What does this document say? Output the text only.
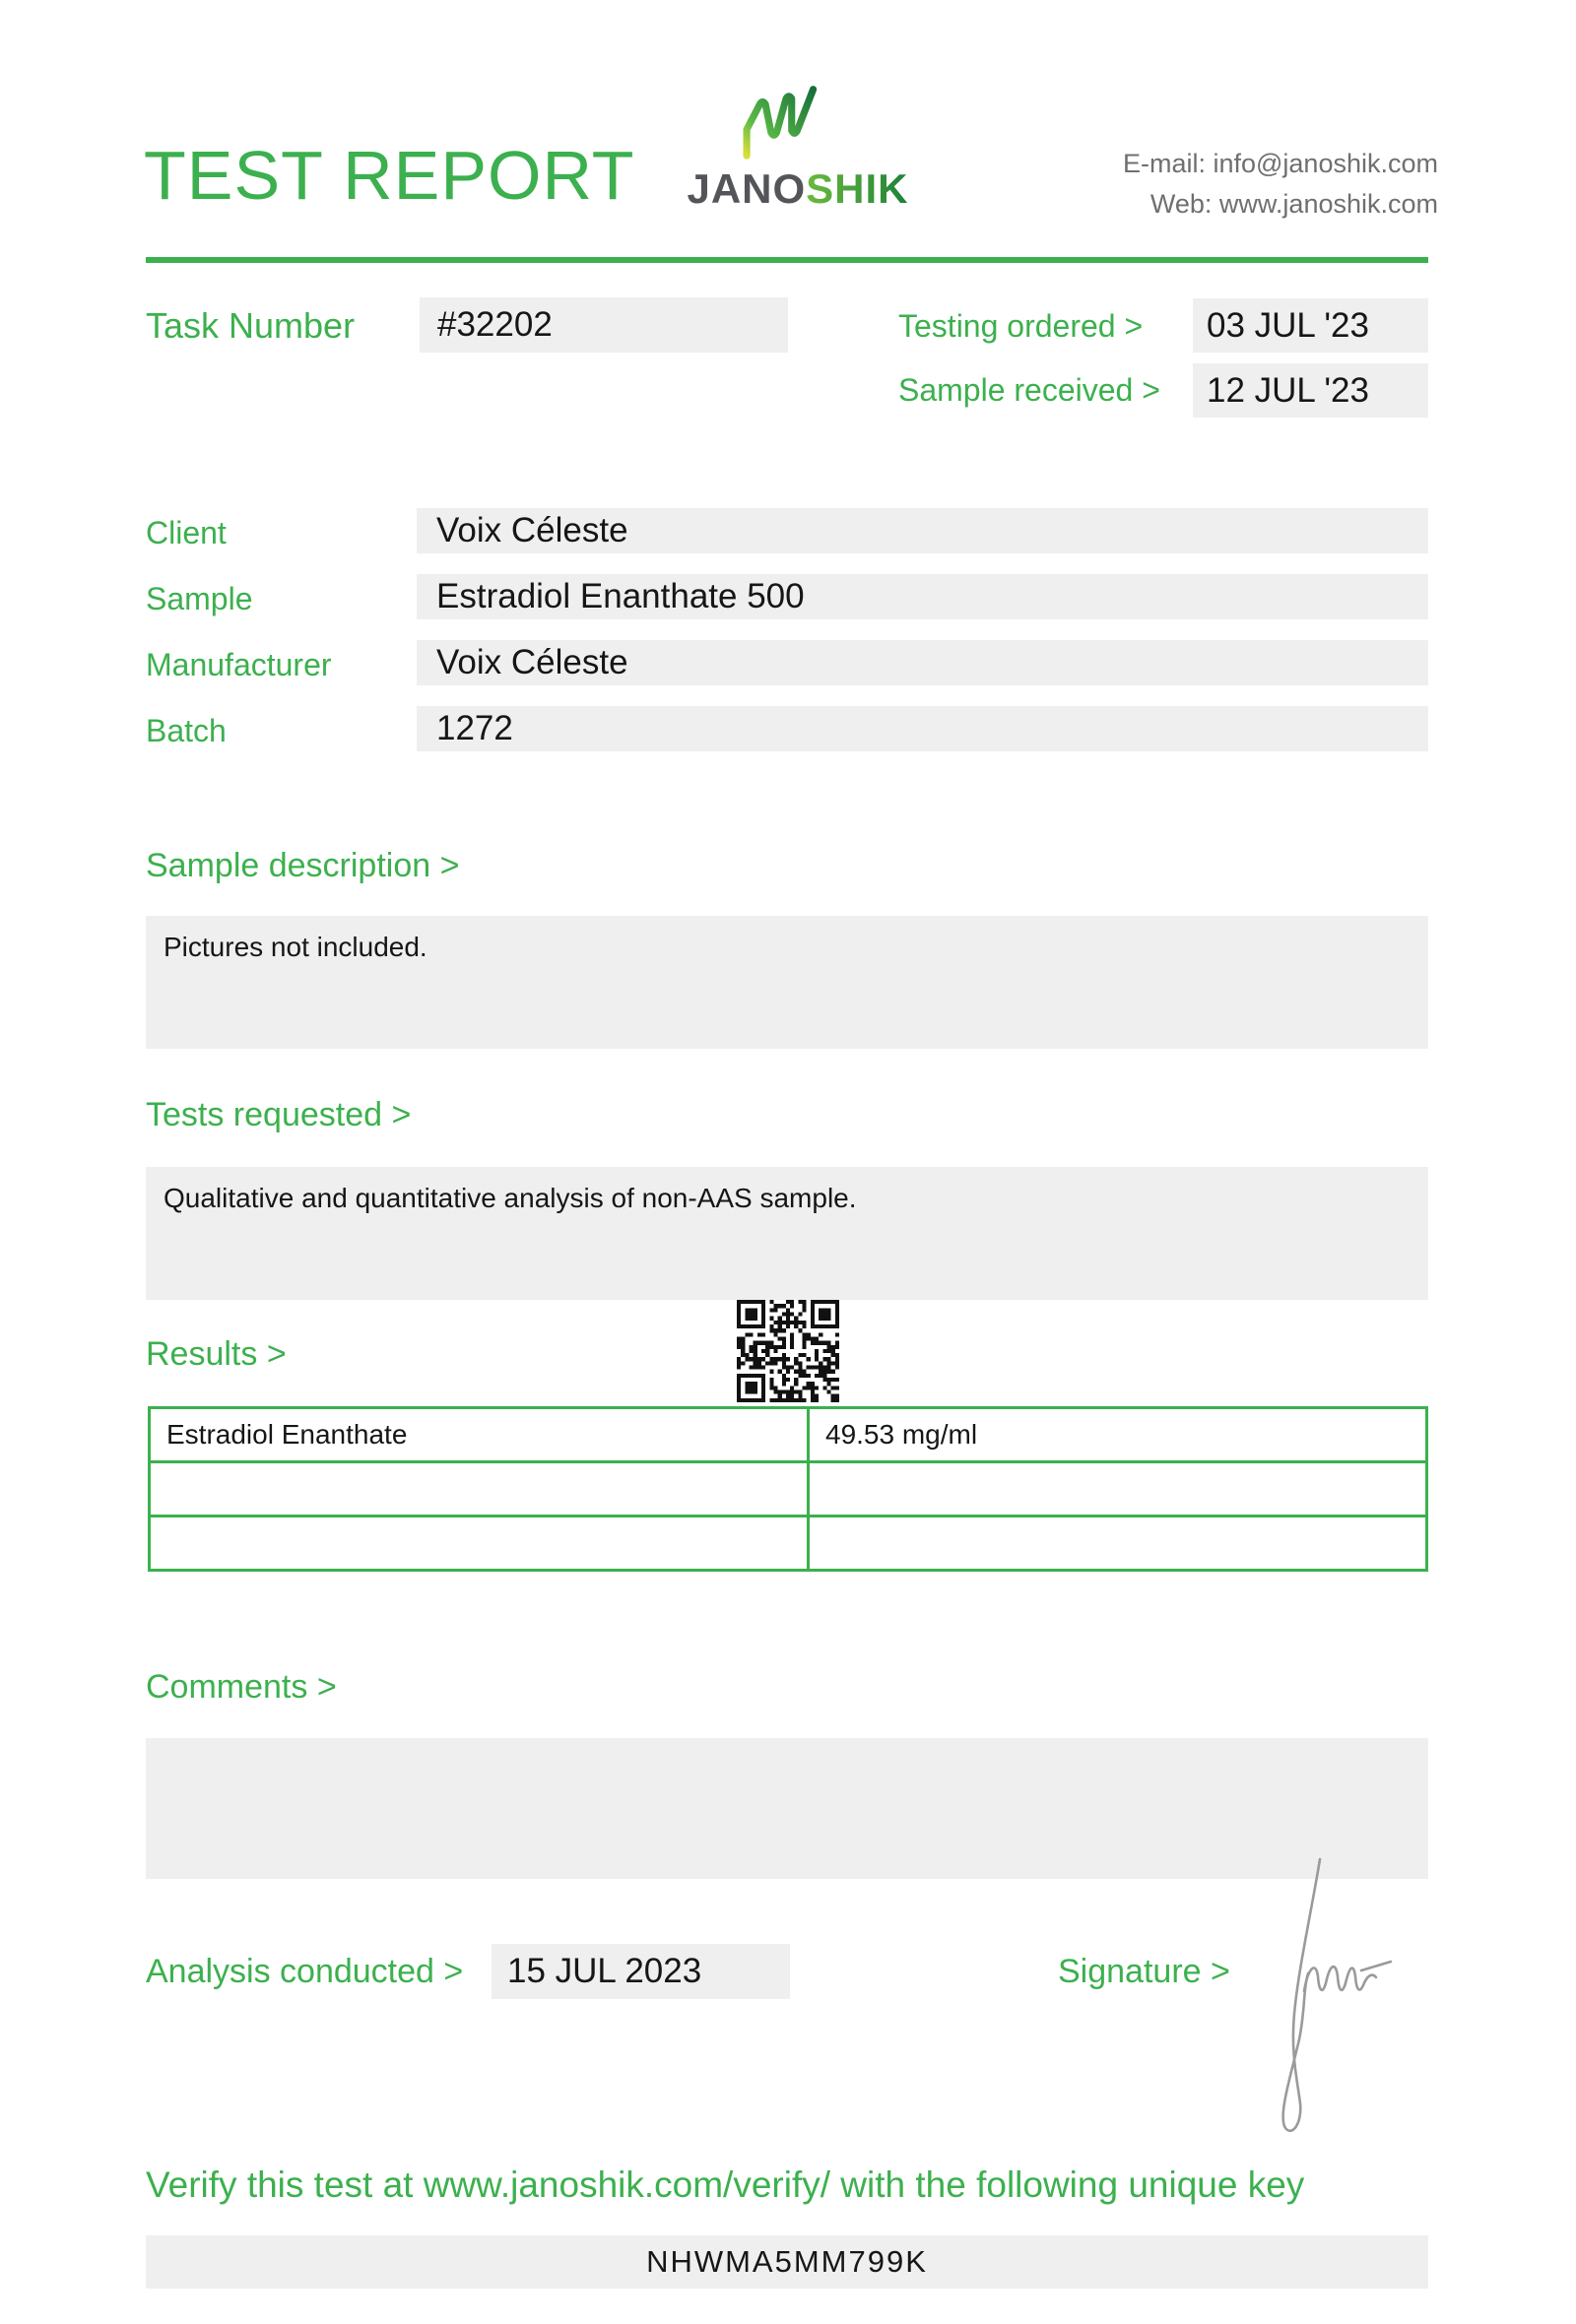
TEST REPORT	JANOSHIK
E-mail: info@janoshik.com
Web: www.janoshik.com
Task Number	#32202	Testing ordered >	03 JUL '23
Sample received >	12 JUL '23
Client	Voix Céleste
Sample	Estradiol Enanthate 500
Manufacturer	Voix Céleste
Batch	1272
Sample description >
Pictures not included.
Tests requested >
Qualitative and quantitative analysis of non-AAS sample.
Results >
Estradiol Enanthate	49.53 mg/ml

Comments >
Analysis conducted >	15 JUL 2023	Signature >
Verify this test at www.janoshik.com/verify/ with the following unique key
NHWMA5MM799K
